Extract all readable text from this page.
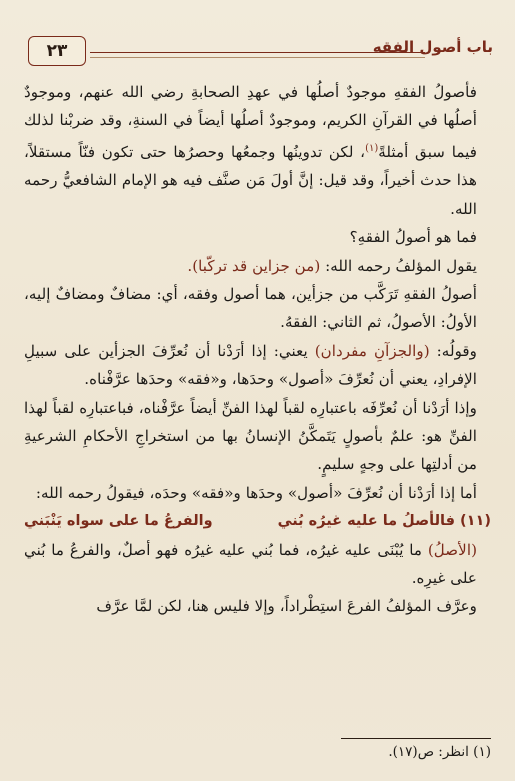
باب أصول الفقه
٢٣

فأصولُ الفقهِ موجودٌ أصلُها في عهدِ الصحابةِ رضي الله عنهم، وموجودٌ أصلُها في القرآنِ الكريم، وموجودٌ أصلُها أيضاً في السنةِ، وقد ضربْنا لذلك فيما سبق أمثلةً$^{(١)}$، لكن تدوينُها وجمعُها وحصرُها حتى تكون فنّاً مستقلاً، هذا حدث أخيراً، وقد قيل: إنَّ أولَ مَن صنَّف فيه هو الإمام الشافعيُّ رحمه الله.

فما هو أصولُ الفقهِ؟

يقول المؤلفُ رحمه الله: (من جزاين قد تركّبا).

أصولُ الفقهِ تَرَكَّب من جزأين، هما أصول وفقه، أي: مضافٌ ومضافٌ إليه، الأولُ: الأصولُ، ثم الثاني: الفقهُ.

وقولُه: (والجزآنِ مفردان) يعني: إذا أرَدْنا أن نُعرِّفَ الجزأين على سبيلِ الإفرادِ، يعني أن نُعرِّفَ «أصول» وحدَها، و«فقه» وحدَها عرَّفْناه.

وإذا أرَدْنا أن نُعرِّفَه باعتبارِه لقباً لهذا الفنِّ أيضاً عرَّفْناه، فباعتبارِه لقباً لهذا الفنِّ هو: علمٌ بأصولٍ يَتَمكَّنُ الإنسانُ بها من استخراجِ الأحكامِ الشرعيةِ من أدلتِها على وجهٍ سليمٍ.

أما إذا أرَدْنا أن نُعرِّفَ «أصول» وحدَها و«فقه» وحدَه، فيقولُ رحمه الله:

(١١) فالأصلُ ما عليه غيرُه بُني
والفرعُ ما على سواه يَنْبَني

(الأصلُ) ما يُبْنَى عليه غيرُه، فما بُني عليه غيرُه فهو أصلٌ، والفرعُ ما بُني على غيرِه.

وعرَّف المؤلفُ الفرعَ استِطْراداً، وإلا فليس هنا، لكن لمَّا عرَّف

(١) انظر: ص(١٧).
